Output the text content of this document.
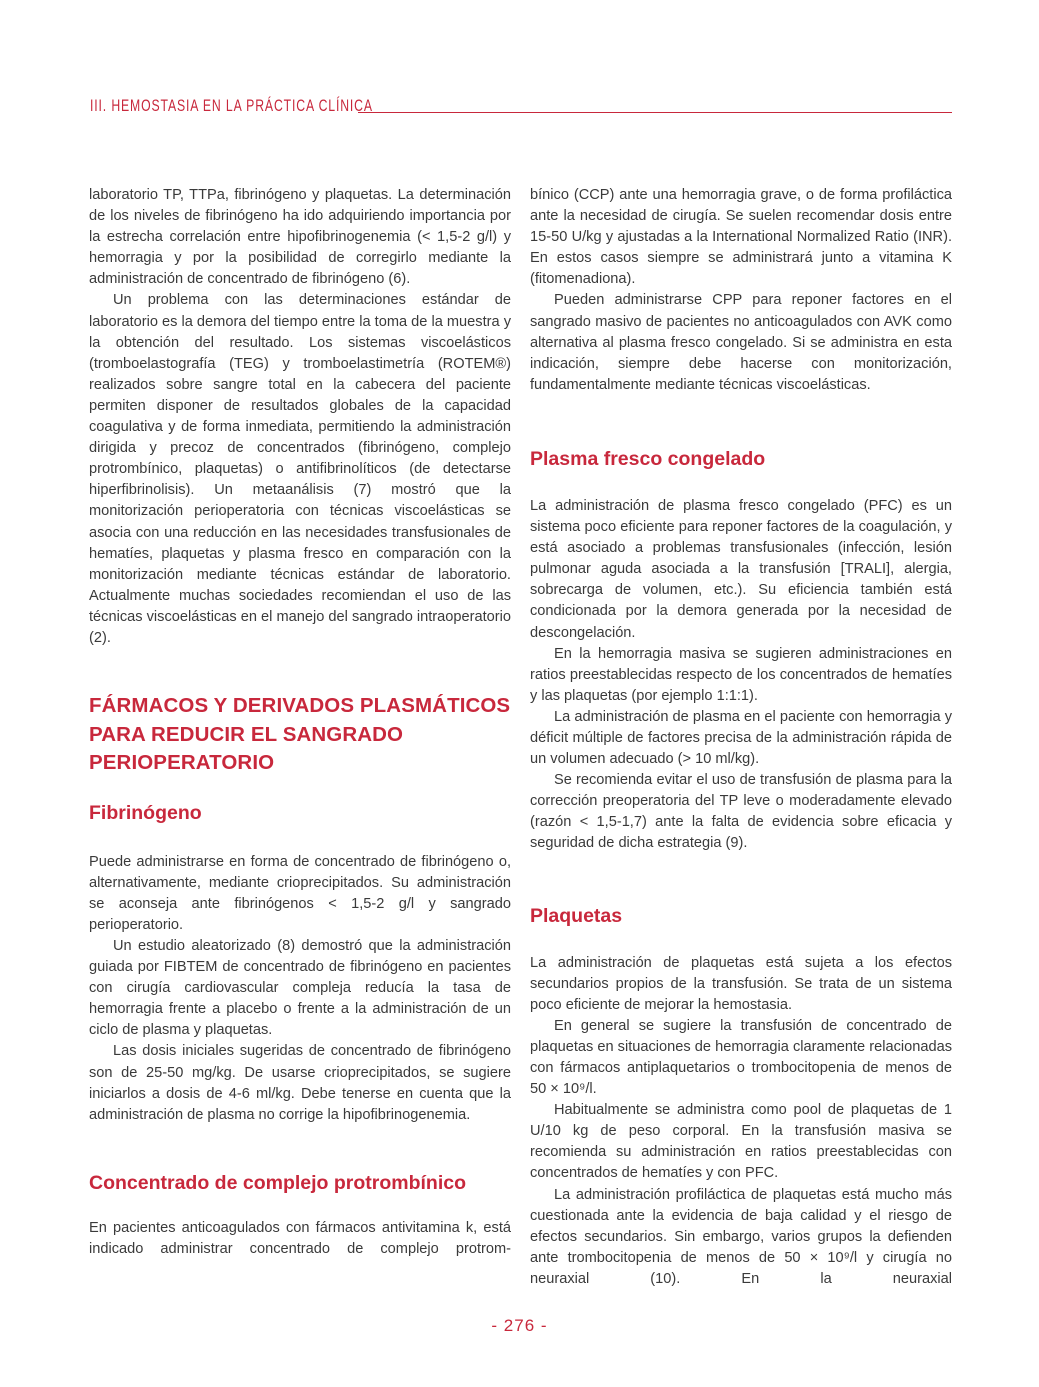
III. HEMOSTASIA EN LA PRÁCTICA CLÍNICA

laboratorio TP, TTPa, fibrinógeno y plaquetas. La determinación de los niveles de fibrinógeno ha ido adquiriendo importancia por la estrecha correlación entre hipofibrinogenemia (< 1,5-2 g/l) y hemorragia y por la posibilidad de corregirlo mediante la administración de concentrado de fibrinógeno (6).

Un problema con las determinaciones estándar de laboratorio es la demora del tiempo entre la toma de la muestra y la obtención del resultado. Los sistemas viscoelásticos (tromboelastografía (TEG) y tromboelastimetría (ROTEM®) realizados sobre sangre total en la cabecera del paciente permiten disponer de resultados globales de la capacidad coagulativa y de forma inmediata, permitiendo la administración dirigida y precoz de concentrados (fibrinógeno, complejo protrombínico, plaquetas) o antifibrinolíticos (de detectarse hiperfibrinolisis). Un metaanálisis (7) mostró que la monitorización perioperatoria con técnicas viscoelásticas se asocia con una reducción en las necesidades transfusionales de hematíes, plaquetas y plasma fresco en comparación con la monitorización mediante técnicas estándar de laboratorio. Actualmente muchas sociedades recomiendan el uso de las técnicas viscoelásticas en el manejo del sangrado intraoperatorio (2).

FÁRMACOS Y DERIVADOS PLASMÁTICOS PARA REDUCIR EL SANGRADO PERIOPERATORIO
Fibrinógeno

Puede administrarse en forma de concentrado de fibrinógeno o, alternativamente, mediante crioprecipitados. Su administración se aconseja ante fibrinógenos < 1,5-2 g/l y sangrado perioperatorio.

Un estudio aleatorizado (8) demostró que la administración guiada por FIBTEM de concentrado de fibrinógeno en pacientes con cirugía cardiovascular compleja reducía la tasa de hemorragia frente a placebo o frente a la administración de un ciclo de plasma y plaquetas.

Las dosis iniciales sugeridas de concentrado de fibrinógeno son de 25-50 mg/kg. De usarse crioprecipitados, se sugiere iniciarlos a dosis de 4-6 ml/kg. Debe tenerse en cuenta que la administración de plasma no corrige la hipofibrinogenemia.

Concentrado de complejo protrombínico

En pacientes anticoagulados con fármacos antivitamina k, está indicado administrar concentrado de complejo protrom-

bínico (CCP) ante una hemorragia grave, o de forma profiláctica ante la necesidad de cirugía. Se suelen recomendar dosis entre 15-50 U/kg y ajustadas a la International Normalized Ratio (INR). En estos casos siempre se administrará junto a vitamina K (fitomenadiona).

Pueden administrarse CPP para reponer factores en el sangrado masivo de pacientes no anticoagulados con AVK como alternativa al plasma fresco congelado. Si se administra en esta indicación, siempre debe hacerse con monitorización, fundamentalmente mediante técnicas viscoelásticas.

Plasma fresco congelado

La administración de plasma fresco congelado (PFC) es un sistema poco eficiente para reponer factores de la coagulación, y está asociado a problemas transfusionales (infección, lesión pulmonar aguda asociada a la transfusión [TRALI], alergia, sobrecarga de volumen, etc.). Su eficiencia también está condicionada por la demora generada por la necesidad de descongelación.

En la hemorragia masiva se sugieren administraciones en ratios preestablecidas respecto de los concentrados de hematíes y las plaquetas (por ejemplo 1:1:1).

La administración de plasma en el paciente con hemorragia y déficit múltiple de factores precisa de la administración rápida de un volumen adecuado (> 10 ml/kg).

Se recomienda evitar el uso de transfusión de plasma para la corrección preoperatoria del TP leve o moderadamente elevado (razón < 1,5-1,7) ante la falta de evidencia sobre eficacia y seguridad de dicha estrategia (9).

Plaquetas

La administración de plaquetas está sujeta a los efectos secundarios propios de la transfusión. Se trata de un sistema poco eficiente de mejorar la hemostasia.

En general se sugiere la transfusión de concentrado de plaquetas en situaciones de hemorragia claramente relacionadas con fármacos antiplaquetarios o trombocitopenia de menos de 50 × 10⁹/l.

Habitualmente se administra como pool de plaquetas de 1 U/10 kg de peso corporal. En la transfusión masiva se recomienda su administración en ratios preestablecidas con concentrados de hematíes y con PFC.

La administración profiláctica de plaquetas está mucho más cuestionada ante la evidencia de baja calidad y el riesgo de efectos secundarios. Sin embargo, varios grupos la defienden ante trombocitopenia de menos de 50 × 10⁹/l y cirugía no neuraxial (10). En la neuraxial

- 276 -
